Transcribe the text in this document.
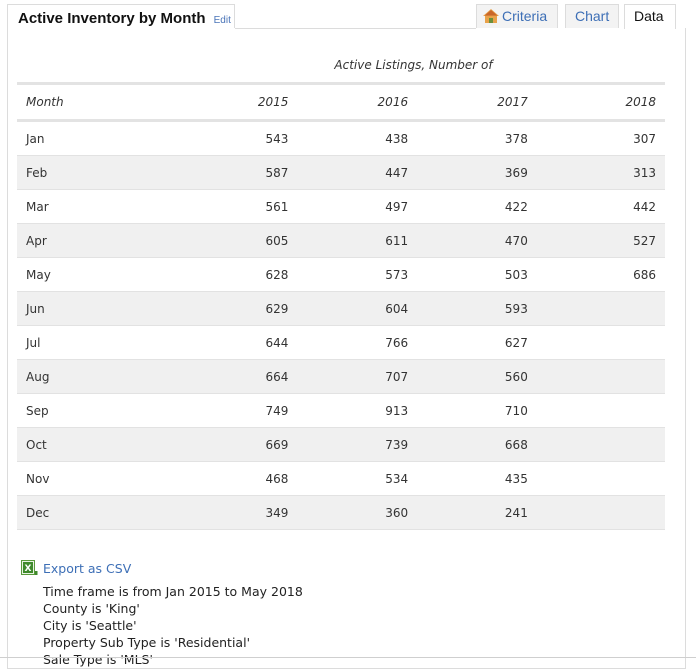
Active Inventory by Month Edit	Criteria	Chart	Data
Active Listings, Number of
Month	2015	2016	2017	2018
Jan	543	438	378	307
Feb	587	447	369	313
Mar	561	497	422	442
Apr	605	611	470	527
May	628	573	503	686
Jun	629	604	593	
Jul	644	766	627	
Aug	664	707	560	
Sep	749	913	710	
Oct	669	739	668	
Nov	468	534	435	
Dec	349	360	241	
X Export as CSV
Time frame is from Jan 2015 to May 2018
County is 'King'
City is 'Seattle'
Property Sub Type is 'Residential'
Sale Type is 'MLS'
